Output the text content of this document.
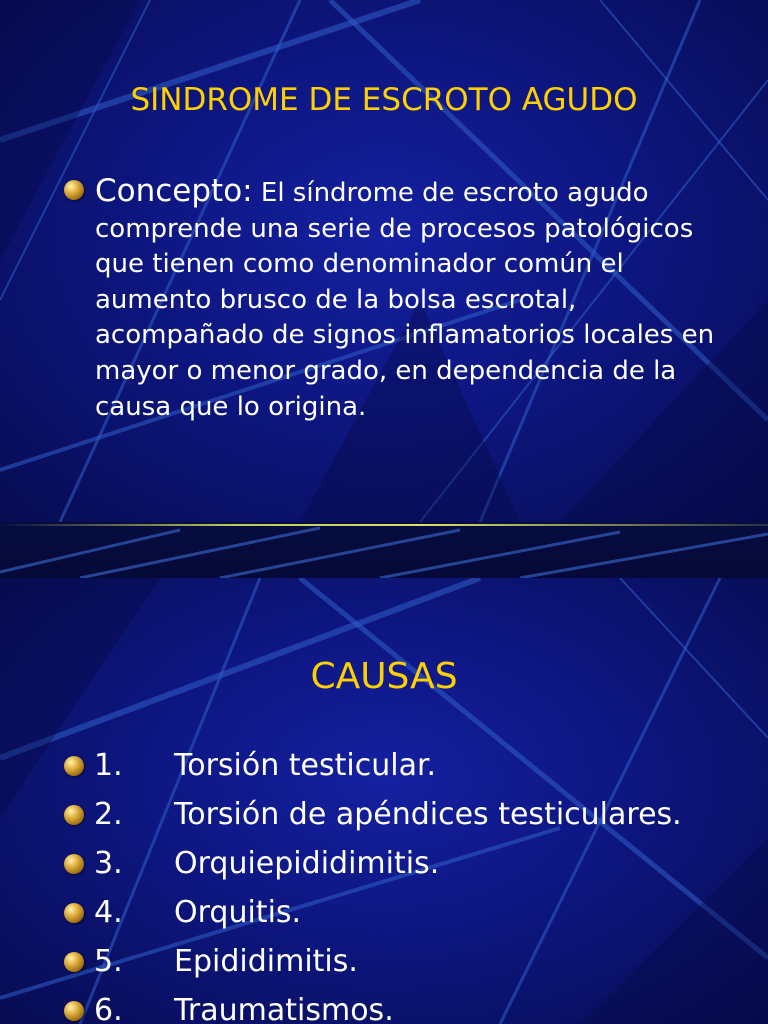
SINDROME DE ESCROTO AGUDO

Concepto: El síndrome de escroto agudo comprende una serie de procesos patológicos que tienen como denominador común el aumento brusco de la bolsa escrotal, acompañado de signos inflamatorios locales en mayor o menor grado, en dependencia de la causa que lo origina.

CAUSAS
1. Torsión testicular.
2. Torsión de apéndices testiculares.
3. Orquiepididimitis.
4. Orquitis.
5. Epididimitis.
6. Traumatismos.
